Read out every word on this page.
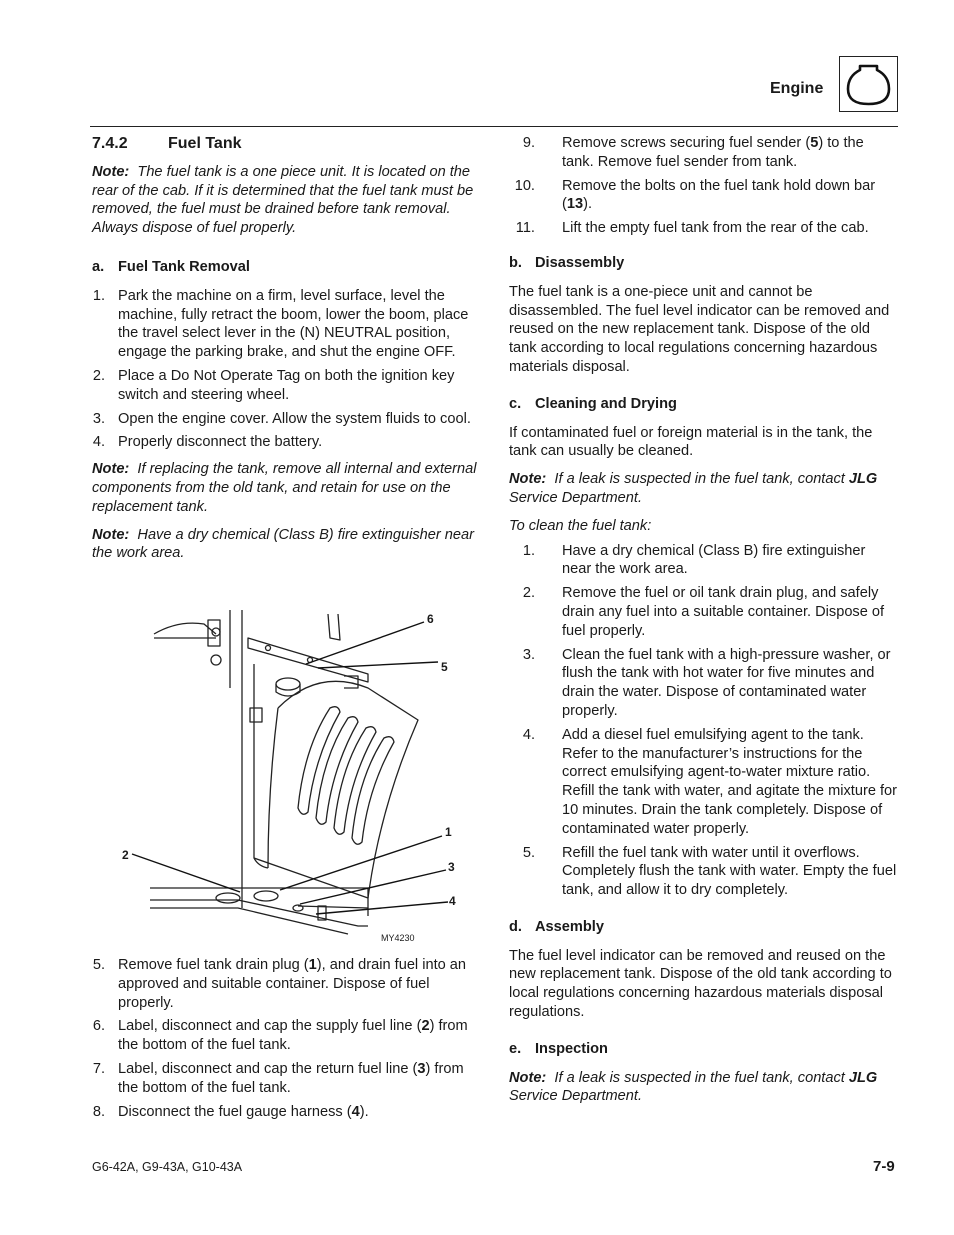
Engine
7.4.2	Fuel Tank
Note: The fuel tank is a one piece unit. It is located on the rear of the cab. If it is determined that the fuel tank must be removed, the fuel must be drained before tank removal. Always dispose of fuel properly.
a. Fuel Tank Removal
1. Park the machine on a firm, level surface, level the machine, fully retract the boom, lower the boom, place the travel select lever in the (N) NEUTRAL position, engage the parking brake, and shut the engine OFF.
2. Place a Do Not Operate Tag on both the ignition key switch and steering wheel.
3. Open the engine cover. Allow the system fluids to cool.
4. Properly disconnect the battery.
Note: If replacing the tank, remove all internal and external components from the old tank, and retain for use on the replacement tank.
Note: Have a dry chemical (Class B) fire extinguisher near the work area.
6
5
1
2
3
4
MY4230
5. Remove fuel tank drain plug (1), and drain fuel into an approved and suitable container. Dispose of fuel properly.
6. Label, disconnect and cap the supply fuel line (2) from the bottom of the fuel tank.
7. Label, disconnect and cap the return fuel line (3) from the bottom of the fuel tank.
8. Disconnect the fuel gauge harness (4).
9.	Remove screws securing fuel sender (5) to the tank. Remove fuel sender from tank.
10.	Remove the bolts on the fuel tank hold down bar (13).
11.	Lift the empty fuel tank from the rear of the cab.
b. Disassembly
The fuel tank is a one-piece unit and cannot be disassembled. The fuel level indicator can be removed and reused on the new replacement tank. Dispose of the old tank according to local regulations concerning hazardous materials disposal.
c. Cleaning and Drying
If contaminated fuel or foreign material is in the tank, the tank can usually be cleaned.
Note: If a leak is suspected in the fuel tank, contact JLG Service Department.
To clean the fuel tank:
1.	Have a dry chemical (Class B) fire extinguisher near the work area.
2.	Remove the fuel or oil tank drain plug, and safely drain any fuel into a suitable container. Dispose of fuel properly.
3.	Clean the fuel tank with a high-pressure washer, or flush the tank with hot water for five minutes and drain the water. Dispose of contaminated water properly.
4.	Add a diesel fuel emulsifying agent to the tank. Refer to the manufacturer’s instructions for the correct emulsifying agent-to-water mixture ratio. Refill the tank with water, and agitate the mixture for 10 minutes. Drain the tank completely. Dispose of contaminated water properly.
5.	Refill the fuel tank with water until it overflows. Completely flush the tank with water. Empty the fuel tank, and allow it to dry completely.
d. Assembly
The fuel level indicator can be removed and reused on the new replacement tank. Dispose of the old tank according to local regulations concerning hazardous materials disposal regulations.
e. Inspection
Note: If a leak is suspected in the fuel tank, contact JLG Service Department.
G6-42A, G9-43A, G10-43A	7-9
